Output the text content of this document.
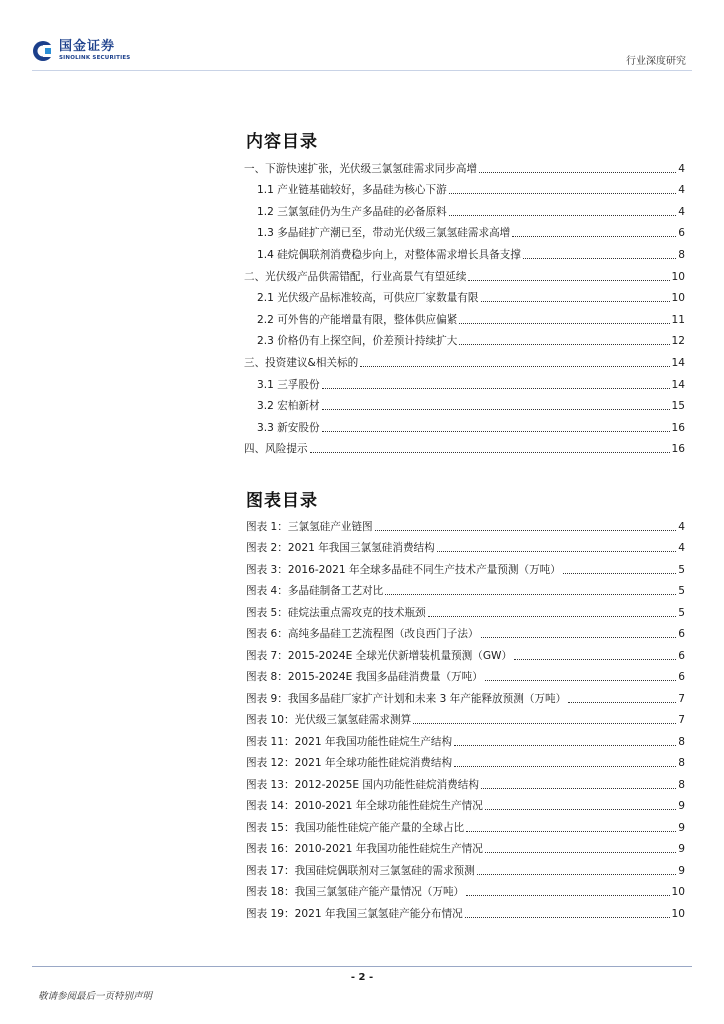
国金证券
SINOLINK SECURITIES	行业深度研究
内容目录
一、下游快速扩张，光伏级三氯氢硅需求同步高增	4
1.1 产业链基础较好，多晶硅为核心下游	4
1.2 三氯氢硅仍为生产多晶硅的必备原料	4
1.3 多晶硅扩产潮已至，带动光伏级三氯氢硅需求高增	6
1.4 硅烷偶联剂消费稳步向上，对整体需求增长具备支撑	8
二、光伏级产品供需错配，行业高景气有望延续	10
2.1 光伏级产品标准较高，可供应厂家数量有限	10
2.2 可外售的产能增量有限，整体供应偏紧	11
2.3 价格仍有上探空间，价差预计持续扩大	12
三、投资建议&相关标的	14
3.1 三孚股份	14
3.2 宏柏新材	15
3.3 新安股份	16
四、风险提示	16
图表目录
图表 1：三氯氢硅产业链图	4
图表 2：2021 年我国三氯氢硅消费结构	4
图表 3：2016-2021 年全球多晶硅不同生产技术产量预测（万吨）	5
图表 4：多晶硅制备工艺对比	5
图表 5：硅烷法重点需攻克的技术瓶颈	5
图表 6：高纯多晶硅工艺流程图（改良西门子法）	6
图表 7：2015-2024E 全球光伏新增装机量预测（GW）	6
图表 8：2015-2024E 我国多晶硅消费量（万吨）	6
图表 9：我国多晶硅厂家扩产计划和未来 3 年产能释放预测（万吨）	7
图表 10：光伏级三氯氢硅需求测算	7
图表 11：2021 年我国功能性硅烷生产结构	8
图表 12：2021 年全球功能性硅烷消费结构	8
图表 13：2012-2025E 国内功能性硅烷消费结构	8
图表 14：2010-2021 年全球功能性硅烷生产情况	9
图表 15：我国功能性硅烷产能产量的全球占比	9
图表 16：2010-2021 年我国功能性硅烷生产情况	9
图表 17：我国硅烷偶联剂对三氯氢硅的需求预测	9
图表 18：我国三氯氢硅产能产量情况（万吨）	10
图表 19：2021 年我国三氯氢硅产能分布情况	10
- 2 -
敬请参阅最后一页特别声明
